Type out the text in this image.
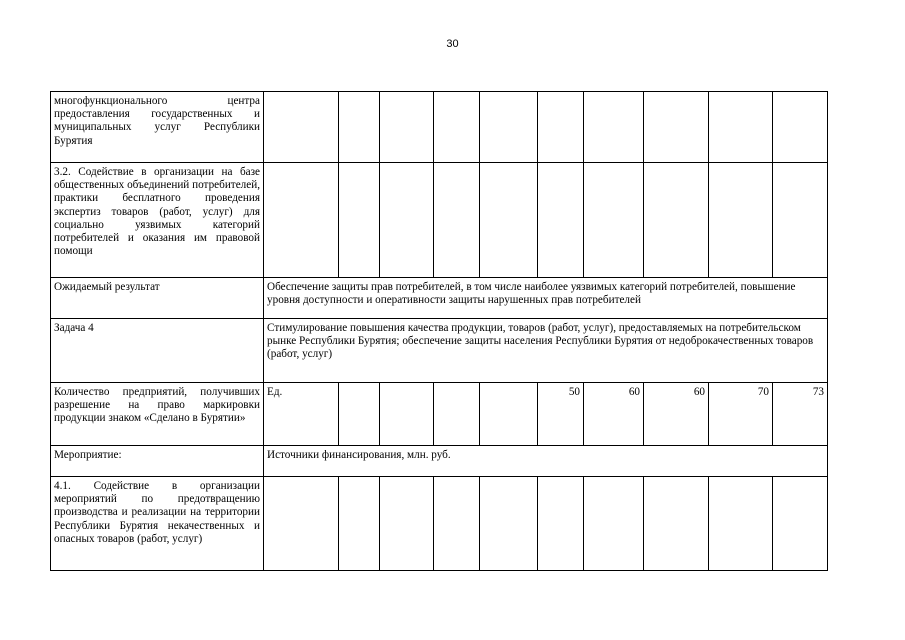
30
многофункционального центра предоставления государственных и муниципальных услуг Республики Бурятия										
3.2. Содействие в организации на базе общественных объединений потребителей, практики бесплатного проведения экспертиз товаров (работ, услуг) для социально уязвимых категорий потребителей и оказания им правовой помощи										
Ожидаемый результат	Обеспечение защиты прав потребителей, в том числе наиболее уязвимых категорий потребителей, повышение уровня доступности и оперативности защиты нарушенных прав потребителей									
Задача 4	Стимулирование повышения качества продукции, товаров (работ, услуг), предоставляемых на потребительском рынке Республики Бурятия; обеспечение защиты населения Республики Бурятия от недоброкачественных товаров (работ, услуг)									
Количество предприятий, получивших разрешение на право маркировки продукции знаком «Сделано в Бурятии»	Ед.					50	60	60	70	73
Мероприятие:	Источники финансирования, млн. руб.									
4.1. Содействие в организации мероприятий по предотвращению производства и реализации на территории Республики Бурятия некачественных и опасных товаров (работ, услуг)										
